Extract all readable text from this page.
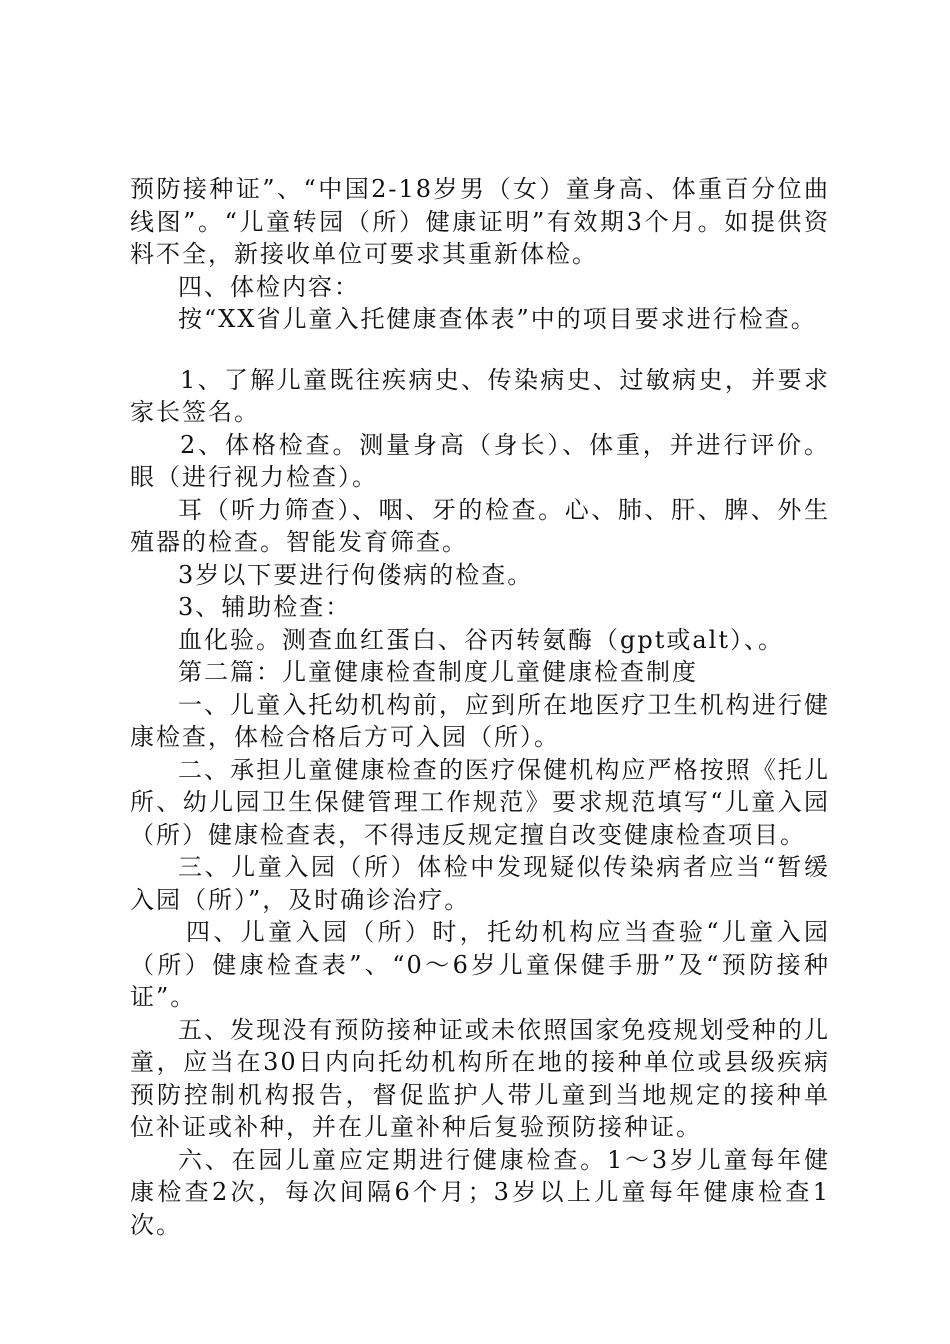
预防接种证”、“中国2-18岁男（女）童身高、体重百分位曲线图”。“儿童转园（所）健康证明”有效期3个月。如提供资料不全，新接收单位可要求其重新体检。

四、体检内容：

按“XX省儿童入托健康查体表”中的项目要求进行检查。

1、了解儿童既往疾病史、传染病史、过敏病史，并要求家长签名。

2、体格检查。测量身高（身长）、体重，并进行评价。眼（进行视力检查）。

耳（听力筛查）、咽、牙的检查。心、肺、肝、脾、外生殖器的检查。智能发育筛查。

3岁以下要进行佝偻病的检查。

3、辅助检查：

血化验。测查血红蛋白、谷丙转氨酶（gpt或alt）、。

第二篇：儿童健康检查制度儿童健康检查制度

一、儿童入托幼机构前，应到所在地医疗卫生机构进行健康检查，体检合格后方可入园（所）。

二、承担儿童健康检查的医疗保健机构应严格按照《托儿所、幼儿园卫生保健管理工作规范》要求规范填写“儿童入园（所）健康检查表，不得违反规定擅自改变健康检查项目。

三、儿童入园（所）体检中发现疑似传染病者应当“暂缓入园（所）”，及时确诊治疗。

四、儿童入园（所）时，托幼机构应当查验“儿童入园（所）健康检查表”、“0～6岁儿童保健手册”及“预防接种证”。

五、发现没有预防接种证或未依照国家免疫规划受种的儿童，应当在30日内向托幼机构所在地的接种单位或县级疾病预防控制机构报告，督促监护人带儿童到当地规定的接种单位补证或补种，并在儿童补种后复验预防接种证。

六、在园儿童应定期进行健康检查。1～3岁儿童每年健康检查2次，每次间隔6个月；3岁以上儿童每年健康检查1次。
